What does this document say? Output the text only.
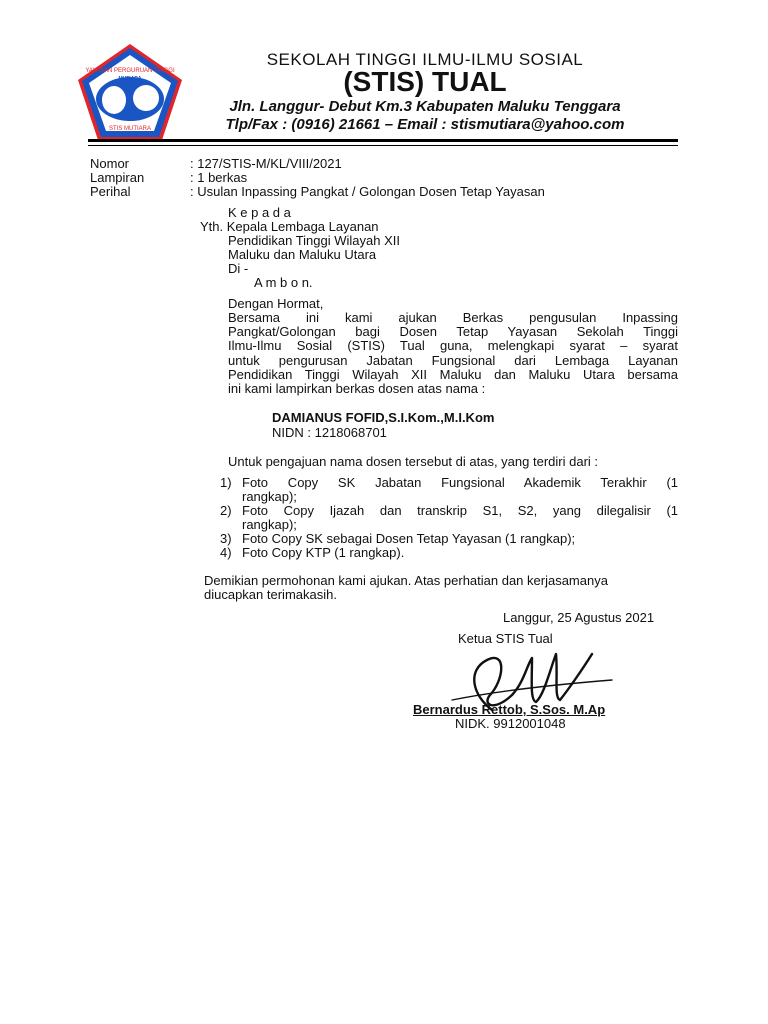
YAYASAN PERGURUAN TINGGI
MUTIARA
TUAL
STIS MUTIARA
SEKOLAH TINGGI ILMU-ILMU SOSIAL
(STIS) TUAL
Jln. Langgur- Debut Km.3 Kabupaten Maluku Tenggara
Tlp/Fax : (0916) 21661 – Email : stismutiara@yahoo.com
Nomor	: 127/STIS-M/KL/VIII/2021
Lampiran	: 1 berkas
Perihal	: Usulan Inpassing Pangkat / Golongan Dosen Tetap Yayasan
K e p a d a
Yth. Kepala Lembaga Layanan
Pendidikan Tinggi Wilayah XII
Maluku dan Maluku Utara
Di -
A m b o n.
Dengan Hormat,
Bersama ini kami ajukan Berkas pengusulan Inpassing
Pangkat/Golongan bagi Dosen Tetap Yayasan Sekolah Tinggi
Ilmu-Ilmu Sosial (STIS) Tual guna, melengkapi syarat – syarat
untuk pengurusan Jabatan Fungsional dari Lembaga Layanan
Pendidikan Tinggi Wilayah XII Maluku dan Maluku Utara bersama
ini kami lampirkan berkas dosen atas nama :
DAMIANUS FOFID,S.I.Kom.,M.I.Kom
NIDN : 1218068701
Untuk pengajuan nama dosen tersebut di atas, yang terdiri dari :
1) Foto Copy SK Jabatan Fungsional Akademik Terakhir (1
rangkap);
2) Foto Copy Ijazah dan transkrip S1, S2, yang dilegalisir (1
rangkap);
3) Foto Copy SK sebagai Dosen Tetap Yayasan (1 rangkap);
4) Foto Copy KTP (1 rangkap).
Demikian permohonan kami ajukan. Atas perhatian dan kerjasamanya
diucapkan terimakasih.
Langgur, 25 Agustus 2021
Ketua STIS Tual
Bernardus Rettob, S.Sos. M.Ap
NIDK. 9912001048
